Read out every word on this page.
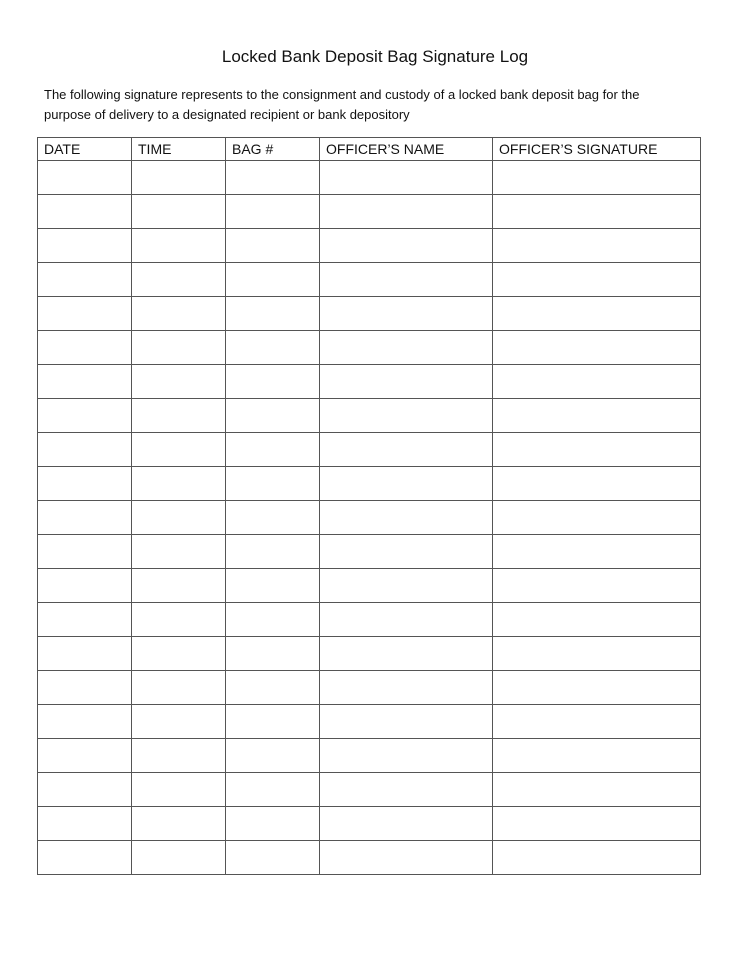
Locked Bank Deposit Bag Signature Log
The following signature represents to the consignment and custody of a locked bank deposit bag for the
purpose of delivery to a designated recipient or bank depository
DATE	TIME	BAG #	OFFICER’S NAME	OFFICER’S SIGNATURE
